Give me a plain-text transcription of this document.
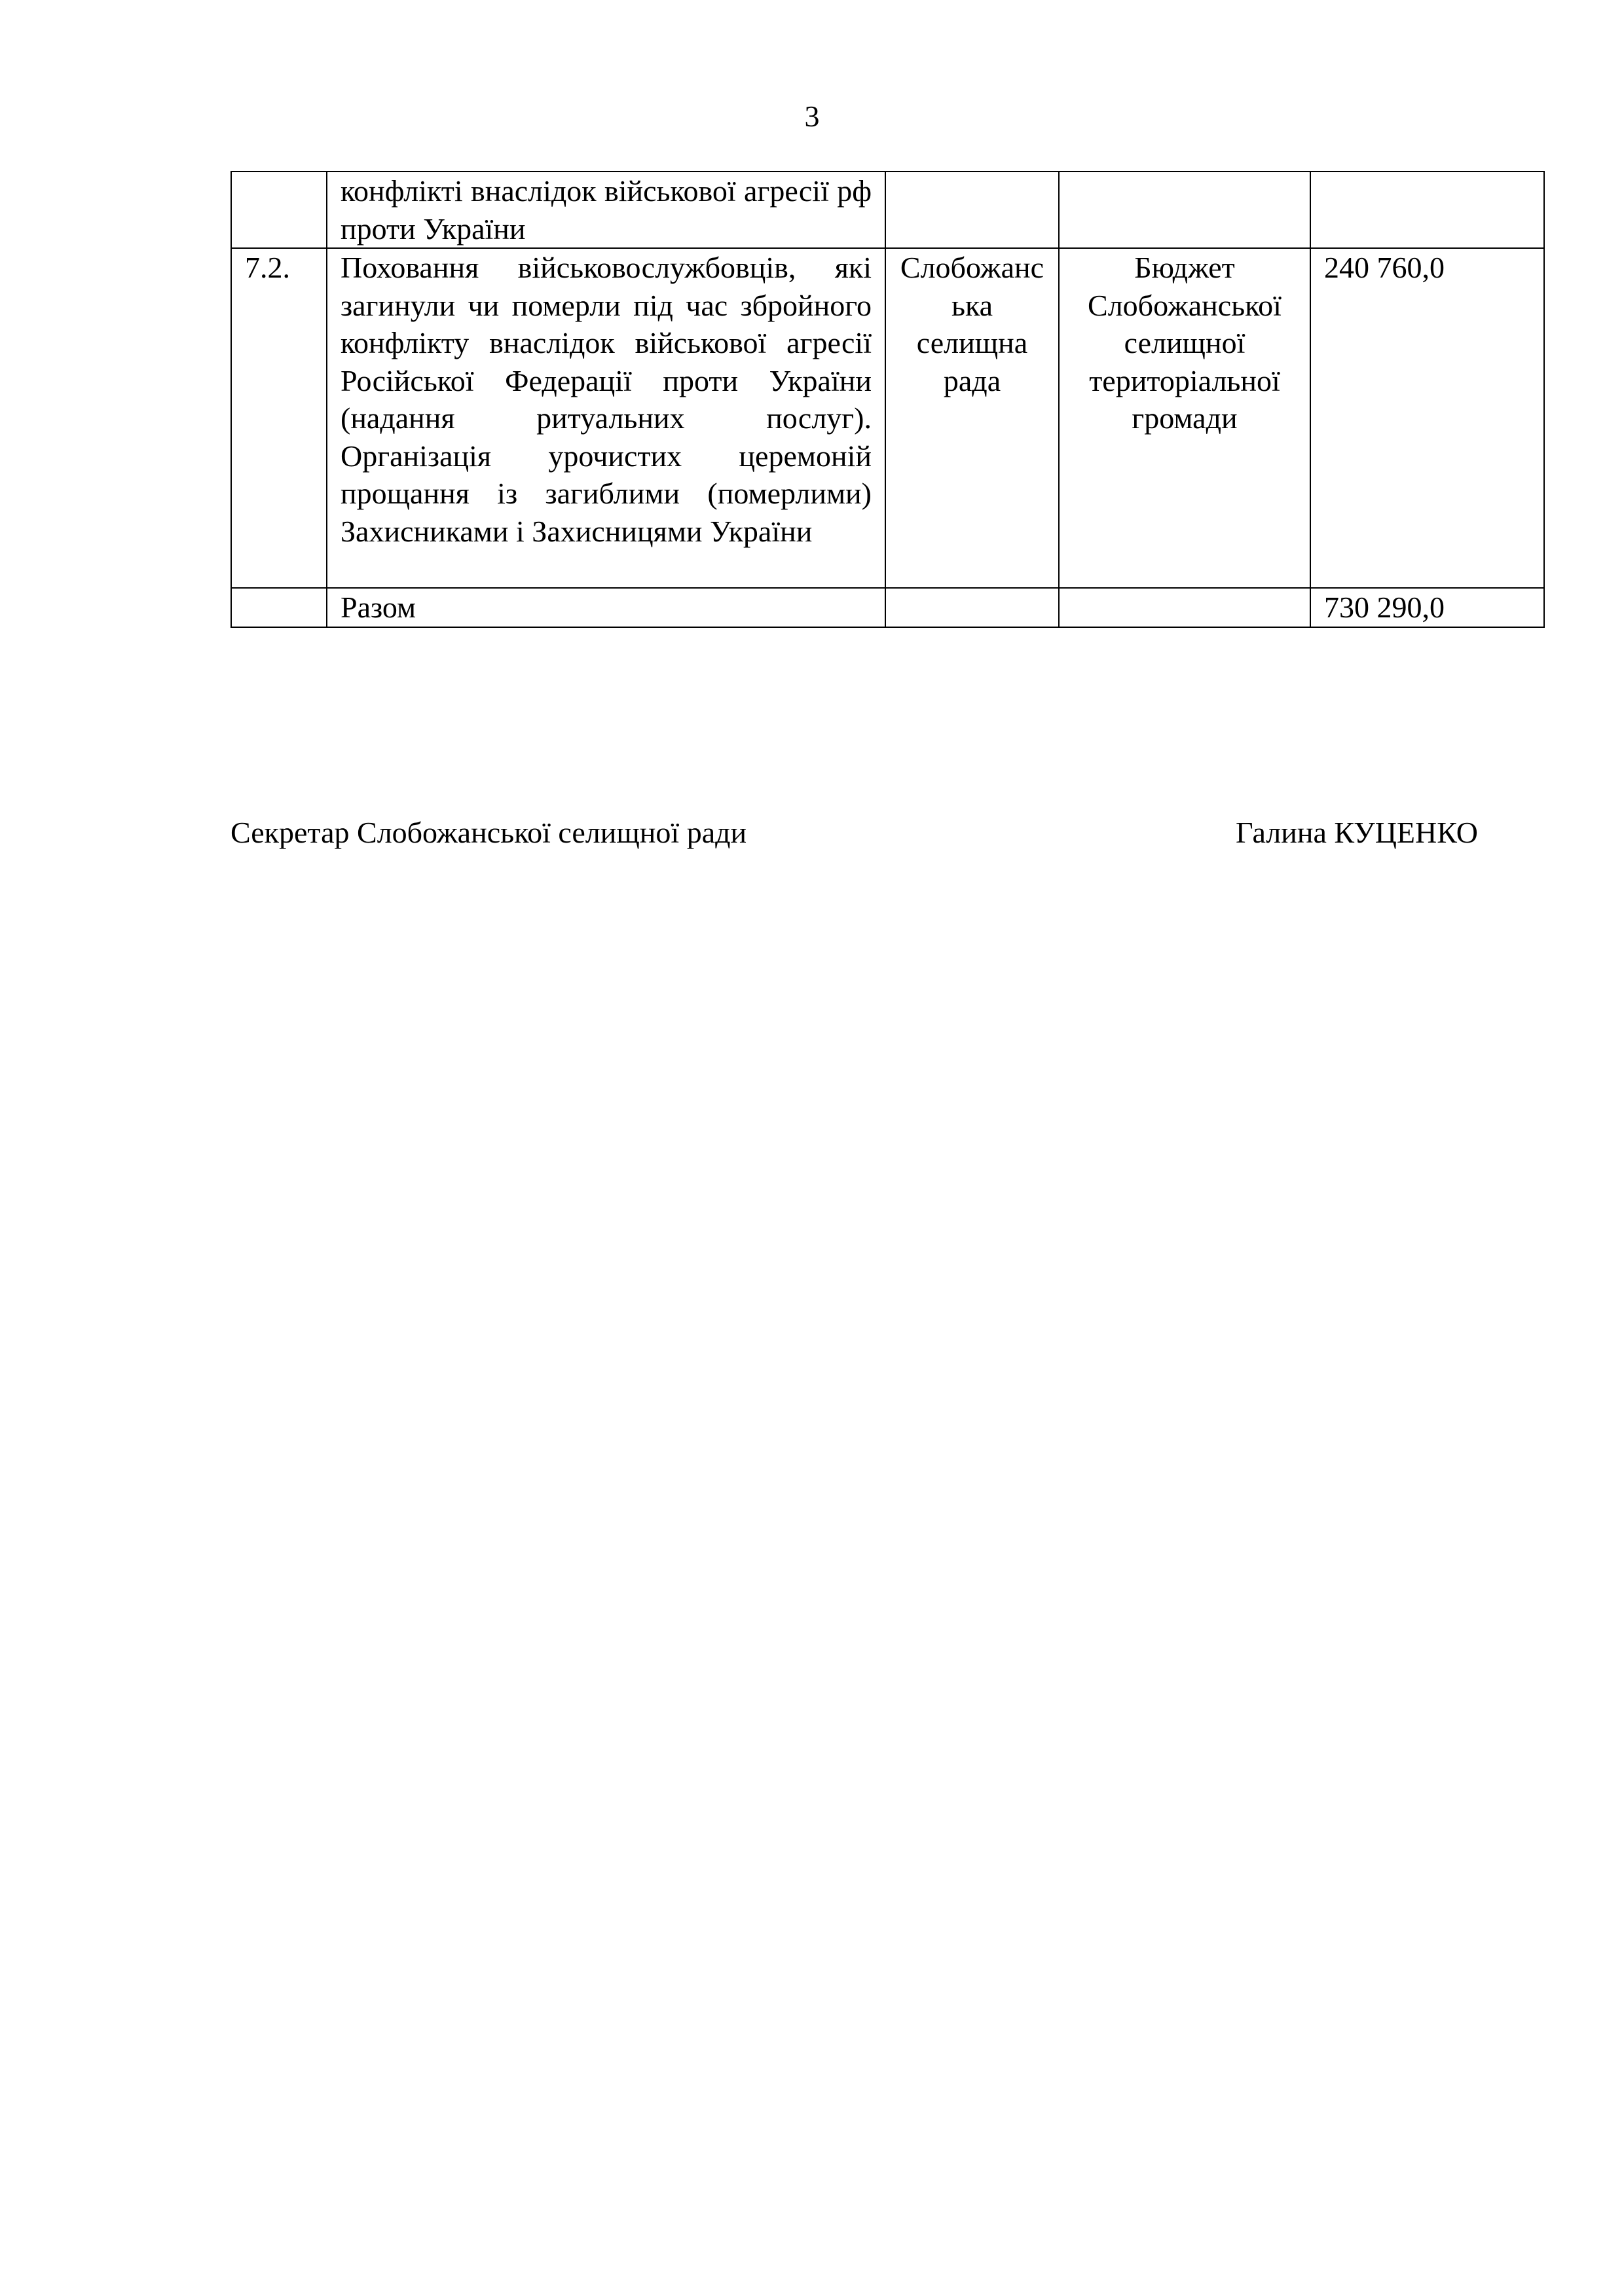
3
	конфлікті внаслідок військової агресії рф проти України			
7.2.	Поховання військовослужбовців, які загинули чи померли під час збройного конфлікту внаслідок військової агресії Російської Федерації проти України (надання ритуальних послуг). Організація урочистих церемоній прощання із загиблими (померлими) Захисниками і Захисницями України	Слобожанська селищна рада	Бюджет Слобожанської селищної територіальної громади	240 760,0
	Разом			730 290,0
Секретар Слобожанської селищної ради	Галина КУЦЕНКО
